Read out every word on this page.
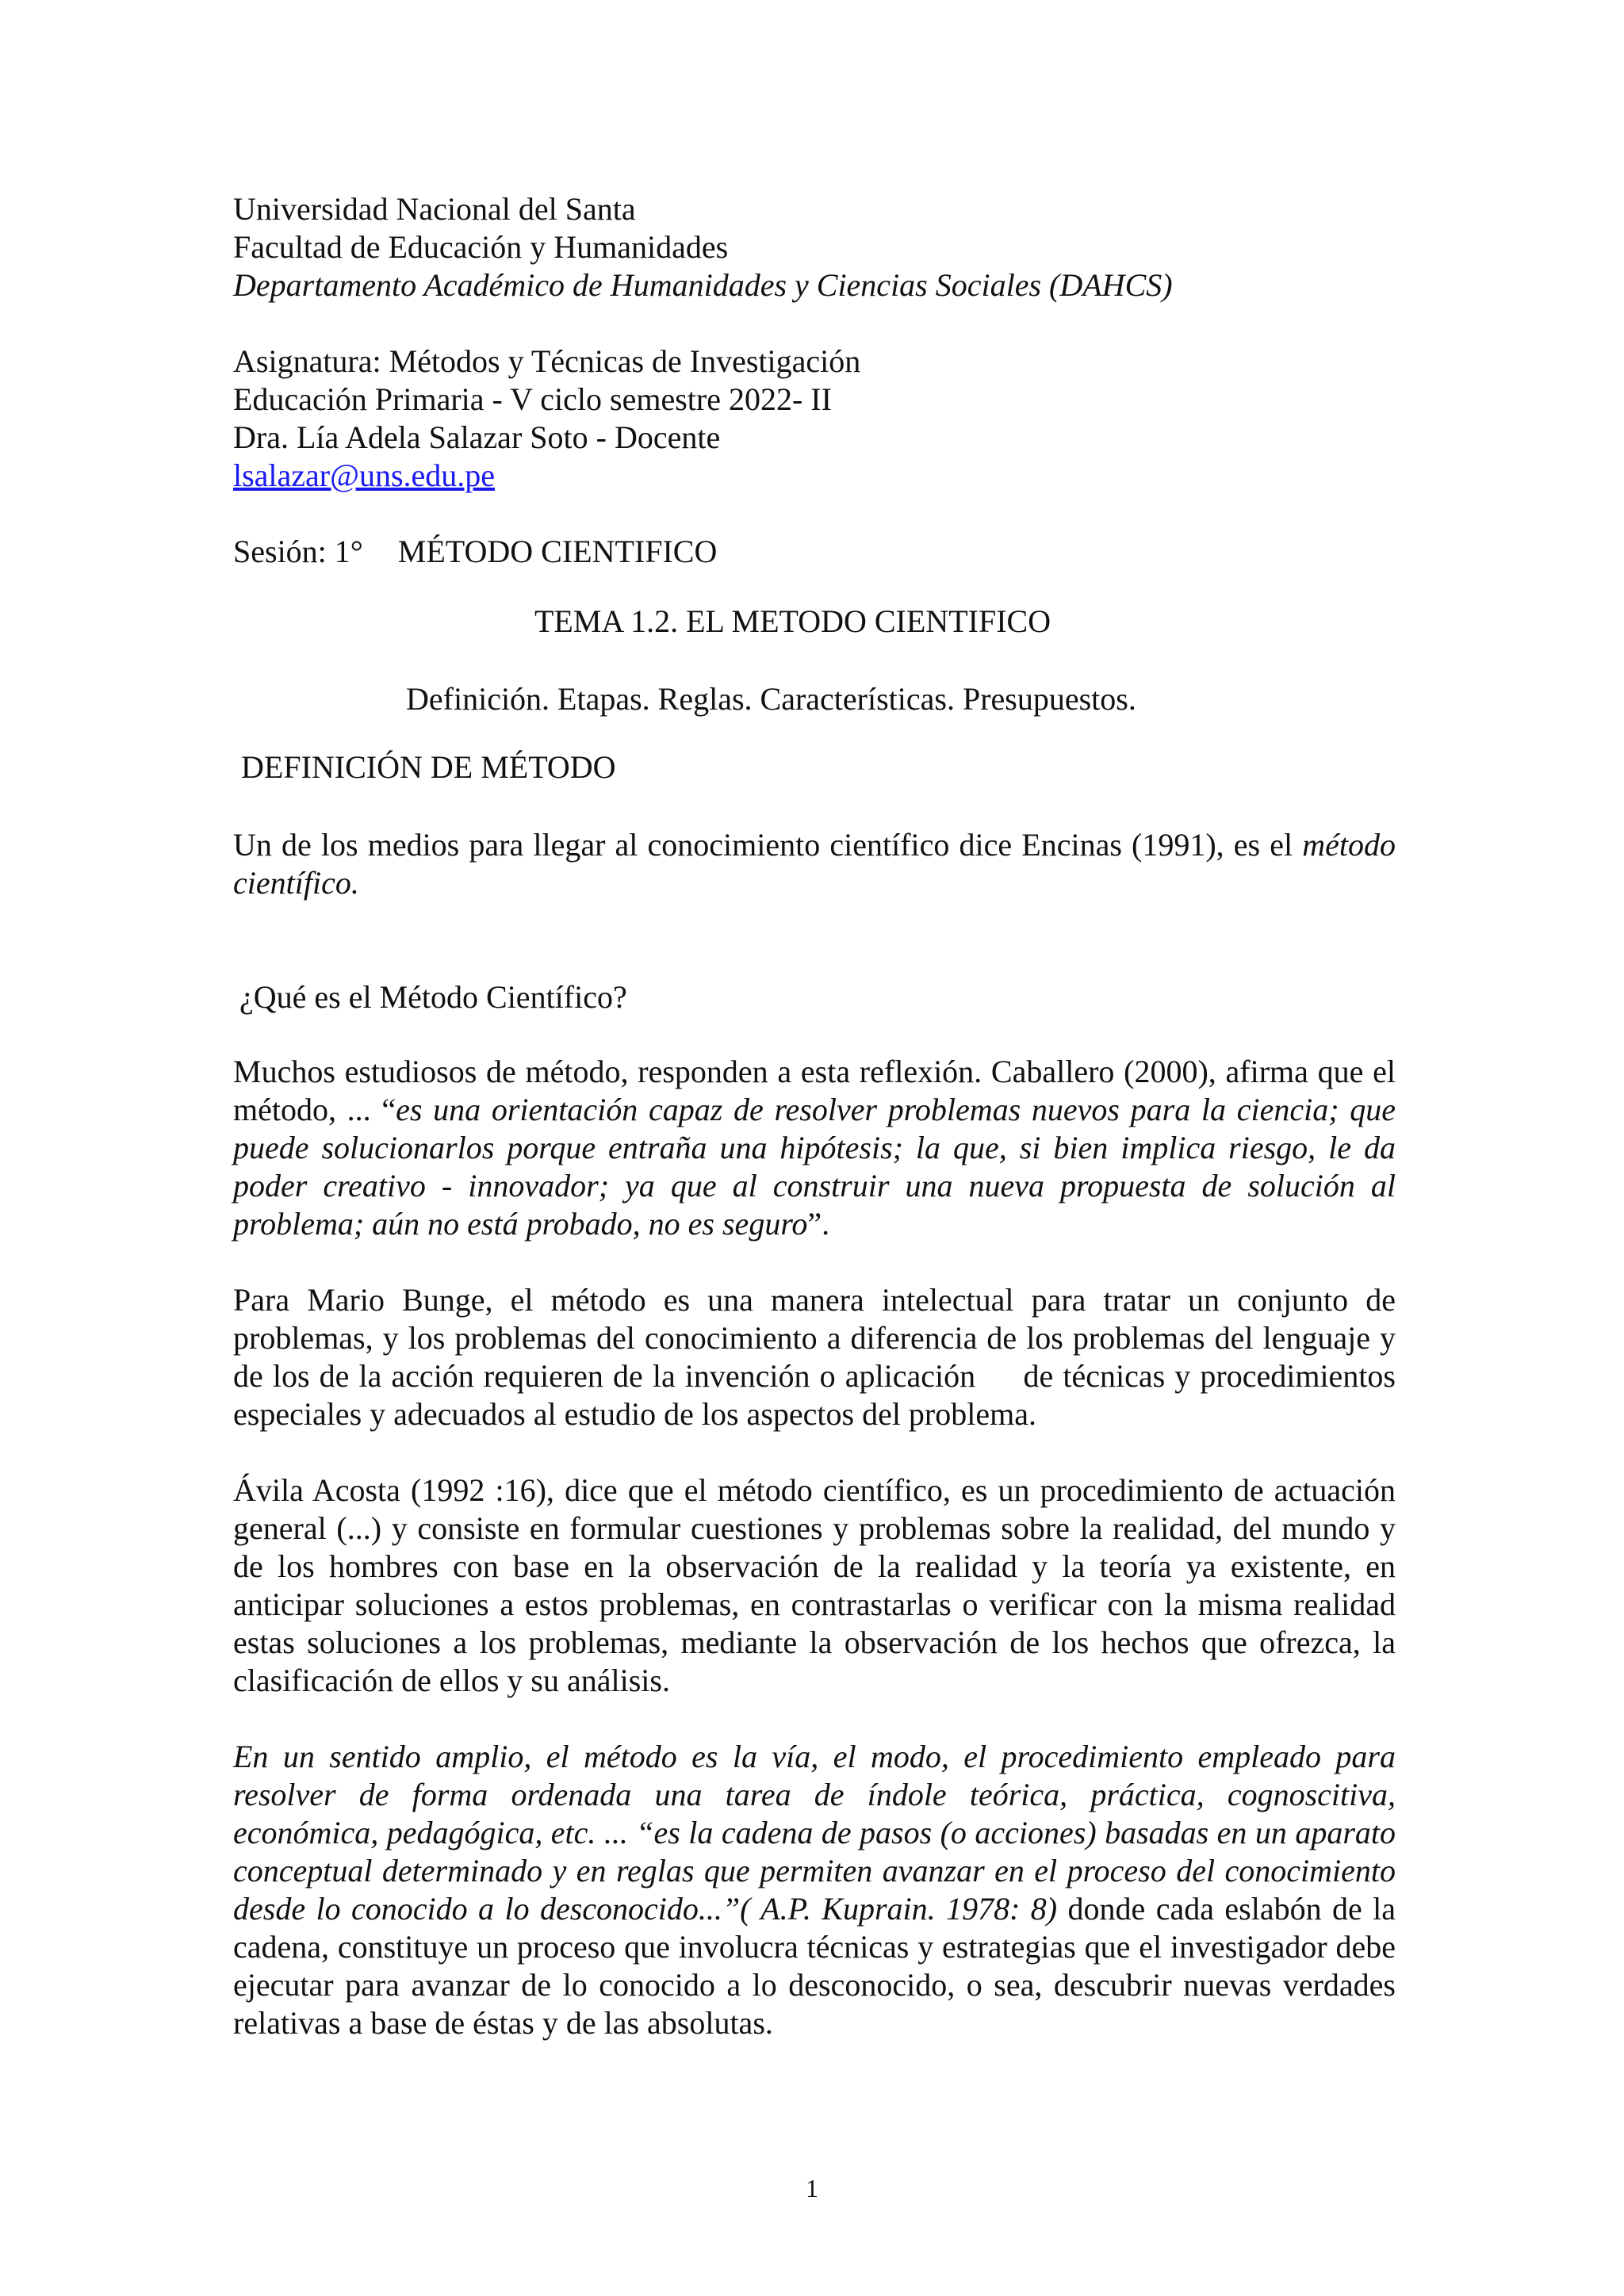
Universidad Nacional del Santa
Facultad de Educación y Humanidades
Departamento Académico de Humanidades y Ciencias Sociales (DAHCS)
Asignatura: Métodos y Técnicas de Investigación
Educación Primaria - V ciclo semestre 2022- II
Dra. Lía Adela Salazar Soto - Docente
lsalazar@uns.edu.pe
Sesión: 1° MÉTODO CIENTIFICO
TEMA 1.2. EL METODO CIENTIFICO
Definición. Etapas. Reglas. Características. Presupuestos.
DEFINICIÓN DE MÉTODO

Un de los medios para llegar al conocimiento científico dice Encinas (1991), es el método científico.

¿Qué es el Método Científico?

Muchos estudiosos de método, responden a esta reflexión. Caballero (2000), afirma que el método, ... “es una orientación capaz de resolver problemas nuevos para la ciencia; que puede solucionarlos porque entraña una hipótesis; la que, si bien implica riesgo, le da poder creativo - innovador; ya que al construir una nueva propuesta de solución al problema; aún no está probado, no es seguro”.

Para Mario Bunge, el método es una manera intelectual para tratar un conjunto de problemas, y los problemas del conocimiento a diferencia de los problemas del lenguaje y de los de la acción requieren de la invención o aplicación     de técnicas y procedimientos especiales y adecuados al estudio de los aspectos del problema.

Ávila Acosta (1992 :16), dice que el método científico, es un procedimiento de actuación general (...) y consiste en formular cuestiones y problemas sobre la realidad, del mundo y de los hombres con base en la observación de la realidad y la teoría ya existente, en anticipar soluciones a estos problemas, en contrastarlas o verificar con la misma realidad estas soluciones a los problemas, mediante la observación de los hechos que ofrezca, la clasificación de ellos y su análisis.

En un sentido amplio, el método es la vía, el modo, el procedimiento empleado para resolver de forma ordenada una tarea de índole teórica, práctica, cognoscitiva, económica, pedagógica, etc. ... “es la cadena de pasos (o acciones) basadas en un aparato conceptual determinado y en reglas que permiten avanzar en el proceso del conocimiento desde lo conocido a lo desconocido...”( A.P. Kuprain. 1978: 8) donde cada eslabón de la cadena, constituye un proceso que involucra técnicas y estrategias que el investigador debe ejecutar para avanzar de lo conocido a lo desconocido, o sea, descubrir nuevas verdades relativas a base de éstas y de las absolutas.

1
